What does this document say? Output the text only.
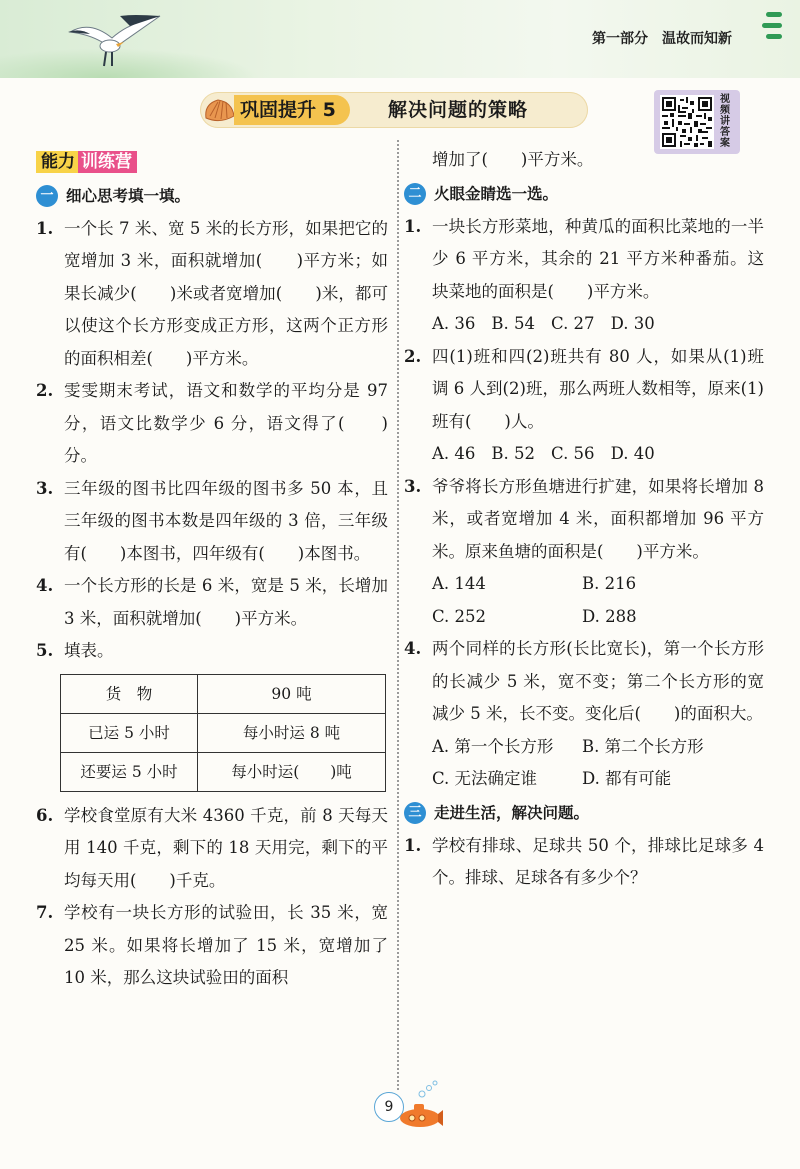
第一部分 温故而知新
巩固提升 5	解决问题的策略	视频讲答案
能力 训练营
一 细心思考填一填。
1. 一个长 7 米、宽 5 米的长方形，如果把它的宽增加 3 米，面积就增加(　　)平方米；如果长减少(　　)米或者宽增加(　　)米，都可以使这个长方形变成正方形，这两个正方形的面积相差(　　)平方米。
2. 雯雯期末考试，语文和数学的平均分是 97 分，语文比数学少 6 分，语文得了(　　)分。
3. 三年级的图书比四年级的图书多 50 本，且三年级的图书本数是四年级的 3 倍，三年级有(　　)本图书，四年级有(　　)本图书。
4. 一个长方形的长是 6 米，宽是 5 米，长增加 3 米，面积就增加(　　)平方米。
5. 填表。
货　物	90 吨
已运 5 小时	每小时运 8 吨
还要运 5 小时	每小时运(　　)吨
6. 学校食堂原有大米 4360 千克，前 8 天每天用 140 千克，剩下的 18 天用完，剩下的平均每天用(　　)千克。
7. 学校有一块长方形的试验田，长 35 米，宽 25 米。如果将长增加了 15 米，宽增加了 10 米，那么这块试验田的面积
增加了(　　)平方米。
二 火眼金睛选一选。
1. 一块长方形菜地，种黄瓜的面积比菜地的一半少 6 平方米，其余的 21 平方米种番茄。这块菜地的面积是(　　)平方米。
A. 36 B. 54 C. 27 D. 30
2. 四(1)班和四(2)班共有 80 人，如果从(1)班调 6 人到(2)班，那么两班人数相等，原来(1)班有(　　)人。
A. 46 B. 52 C. 56 D. 40
3. 爷爷将长方形鱼塘进行扩建，如果将长增加 8 米，或者宽增加 4 米，面积都增加 96 平方米。原来鱼塘的面积是(　　)平方米。
A. 144	B. 216
C. 252	D. 288
4. 两个同样的长方形(长比宽长)，第一个长方形的长减少 5 米，宽不变；第二个长方形的宽减少 5 米，长不变。变化后(　　)的面积大。
A. 第一个长方形	B. 第二个长方形
C. 无法确定谁	D. 都有可能
三 走进生活，解决问题。
1. 学校有排球、足球共 50 个，排球比足球多 4 个。排球、足球各有多少个？
9
